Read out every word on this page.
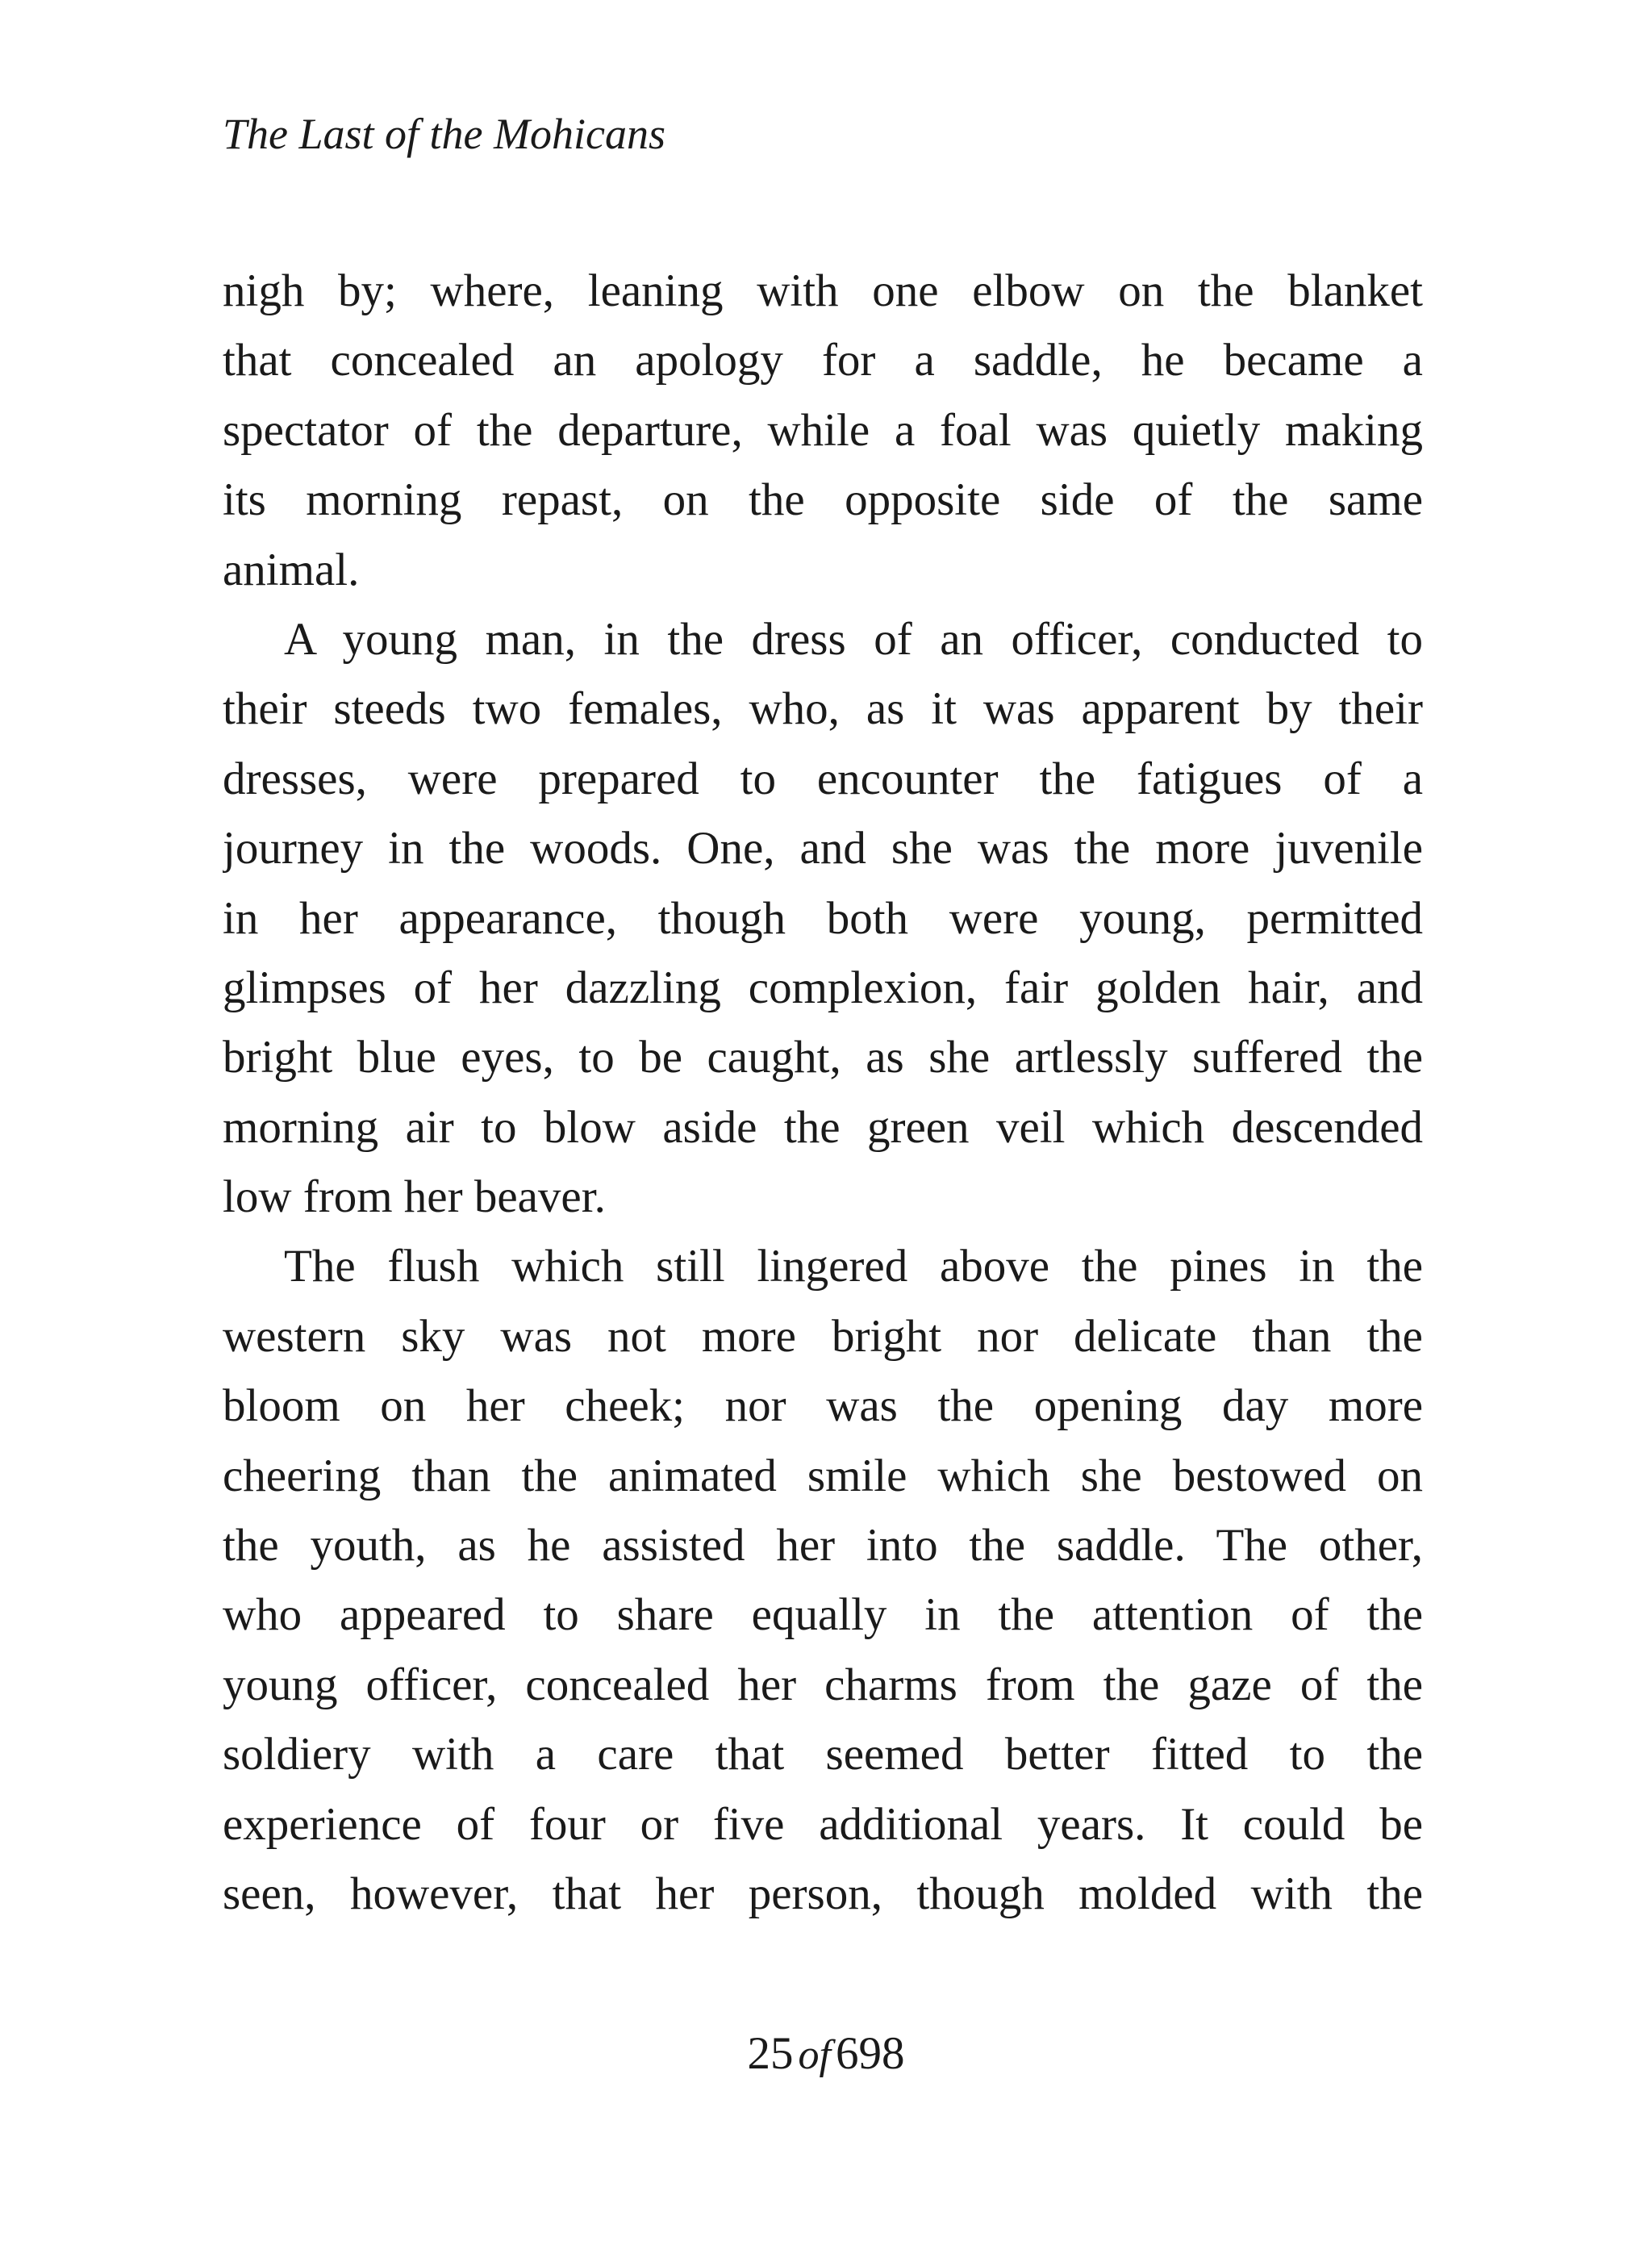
The Last of the Mohicans
nigh by; where, leaning with one elbow on the blanket
that concealed an apology for a saddle, he became a
spectator of the departure, while a foal was quietly making
its morning repast, on the opposite side of the same
animal.
A young man, in the dress of an officer, conducted to
their steeds two females, who, as it was apparent by their
dresses, were prepared to encounter the fatigues of a
journey in the woods. One, and she was the more juvenile
in her appearance, though both were young, permitted
glimpses of her dazzling complexion, fair golden hair, and
bright blue eyes, to be caught, as she artlessly suffered the
morning air to blow aside the green veil which descended
low from her beaver.
The flush which still lingered above the pines in the
western sky was not more bright nor delicate than the
bloom on her cheek; nor was the opening day more
cheering than the animated smile which she bestowed on
the youth, as he assisted her into the saddle. The other,
who appeared to share equally in the attention of the
young officer, concealed her charms from the gaze of the
soldiery with a care that seemed better fitted to the
experience of four or five additional years. It could be
seen, however, that her person, though molded with the
25 of 698
